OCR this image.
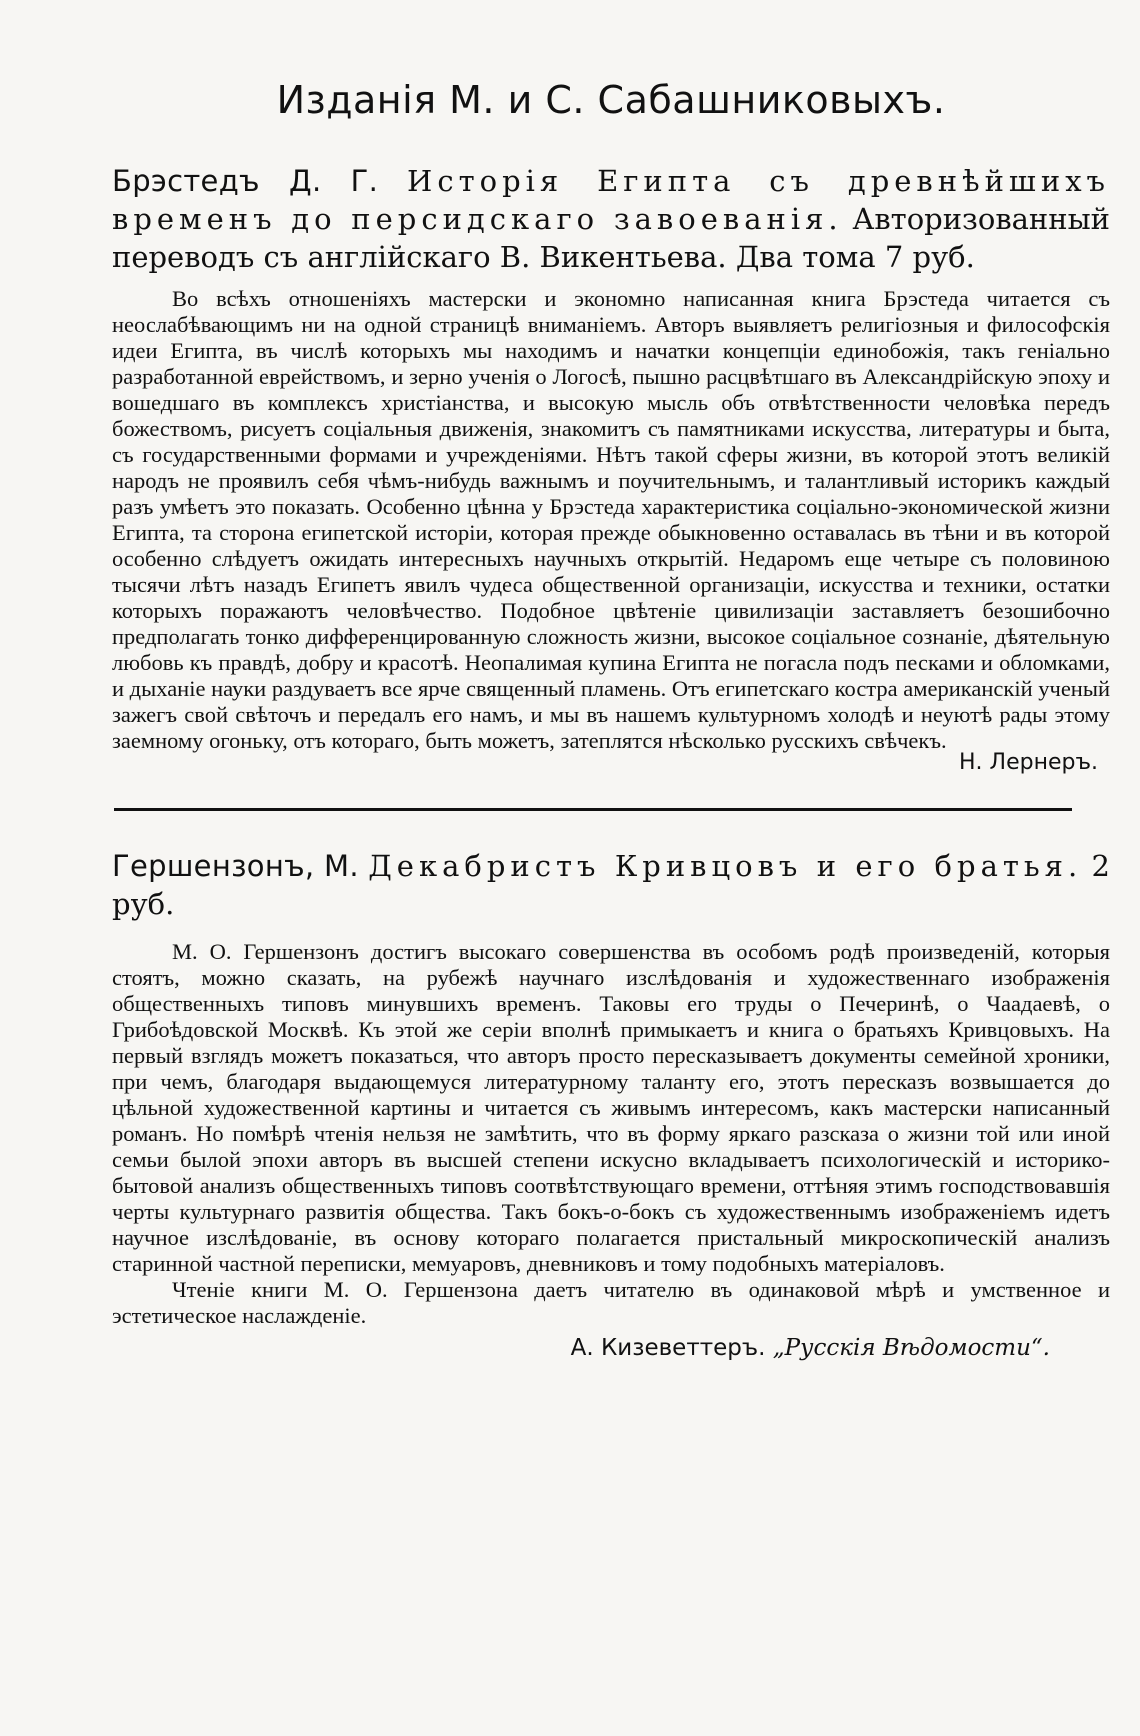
Изданія М. и С. Сабашниковыхъ.

Брэстедъ Д. Г. Исторія Египта съ древнѣйшихъ временъ до персидскаго завоеванія. Авторизованный переводъ съ англійскаго В. Викентьева. Два тома 7 руб.

Во всѣхъ отношеніяхъ мастерски и экономно написанная книга Брэстеда читается съ неослабѣвающимъ ни на одной страницѣ вниманіемъ. Авторъ выявляетъ религіозныя и философскія идеи Египта, въ числѣ которыхъ мы находимъ и начатки концепціи единобожія, такъ геніально разработанной еврействомъ, и зерно ученія о Логосѣ, пышно расцвѣтшаго въ Александрійскую эпоху и вошедшаго въ комплексъ христіанства, и высокую мысль объ отвѣтственности человѣка передъ божествомъ, рисуетъ соціальныя движенія, знакомитъ съ памятниками искусства, литературы и быта, съ государственными формами и учрежденіями. Нѣтъ такой сферы жизни, въ которой этотъ великій народъ не проявилъ себя чѣмъ-нибудь важнымъ и поучительнымъ, и талантливый историкъ каждый разъ умѣетъ это показать. Особенно цѣнна у Брэстеда характеристика соціально-экономической жизни Египта, та сторона египетской исторіи, которая прежде обыкновенно оставалась въ тѣни и въ которой особенно слѣдуетъ ожидать интересныхъ научныхъ открытій. Недаромъ еще четыре съ половиною тысячи лѣтъ назадъ Египетъ явилъ чудеса общественной организаціи, искусства и техники, остатки которыхъ поражаютъ человѣчество. Подобное цвѣтеніе цивилизаціи заставляетъ безошибочно предполагать тонко дифференцированную сложность жизни, высокое соціальное сознаніе, дѣятельную любовь къ правдѣ, добру и красотѣ. Неопалимая купина Египта не погасла подъ песками и обломками, и дыханіе науки раздуваетъ все ярче священный пламень. Отъ египетскаго костра американскій ученый зажегъ свой свѣточъ и передалъ его намъ, и мы въ нашемъ культурномъ холодѣ и неуютѣ рады этому заемному огоньку, отъ котораго, быть можетъ, затеплятся нѣсколько русскихъ свѣчекъ.

Н. Лернеръ.

Гершензонъ, М. Декабристъ Кривцовъ и его братья. 2 руб.

М. О. Гершензонъ достигъ высокаго совершенства въ особомъ родѣ произведеній, которыя стоятъ, можно сказать, на рубежѣ научнаго изслѣдованія и художественнаго изображенія общественныхъ типовъ минувшихъ временъ. Таковы его труды о Печеринѣ, о Чаадаевѣ, о Грибоѣдовской Москвѣ. Къ этой же серіи вполнѣ примыкаетъ и книга о братьяхъ Кривцовыхъ. На первый взглядъ можетъ показаться, что авторъ просто пересказываетъ документы семейной хроники, при чемъ, благодаря выдающемуся литературному таланту его, этотъ пересказъ возвышается до цѣльной художественной картины и читается съ живымъ интересомъ, какъ мастерски написанный романъ. Но помѣрѣ чтенія нельзя не замѣтить, что въ форму яркаго разсказа о жизни той или иной семьи былой эпохи авторъ въ высшей степени искусно вкладываетъ психологическій и историко-бытовой анализъ общественныхъ типовъ соотвѣтствующаго времени, оттѣняя этимъ господствовавшія черты культурнаго развитія общества. Такъ бокъ-о-бокъ съ художественнымъ изображеніемъ идетъ научное изслѣдованіе, въ основу котораго полагается пристальный микроскопическій анализъ старинной частной переписки, мемуаровъ, дневниковъ и тому подобныхъ матеріаловъ.
Чтеніе книги М. О. Гершензона даетъ читателю въ одинаковой мѣрѣ и умственное и эстетическое наслажденіе.

А. Кизеветтеръ. „Русскія Вѣдомости“.
